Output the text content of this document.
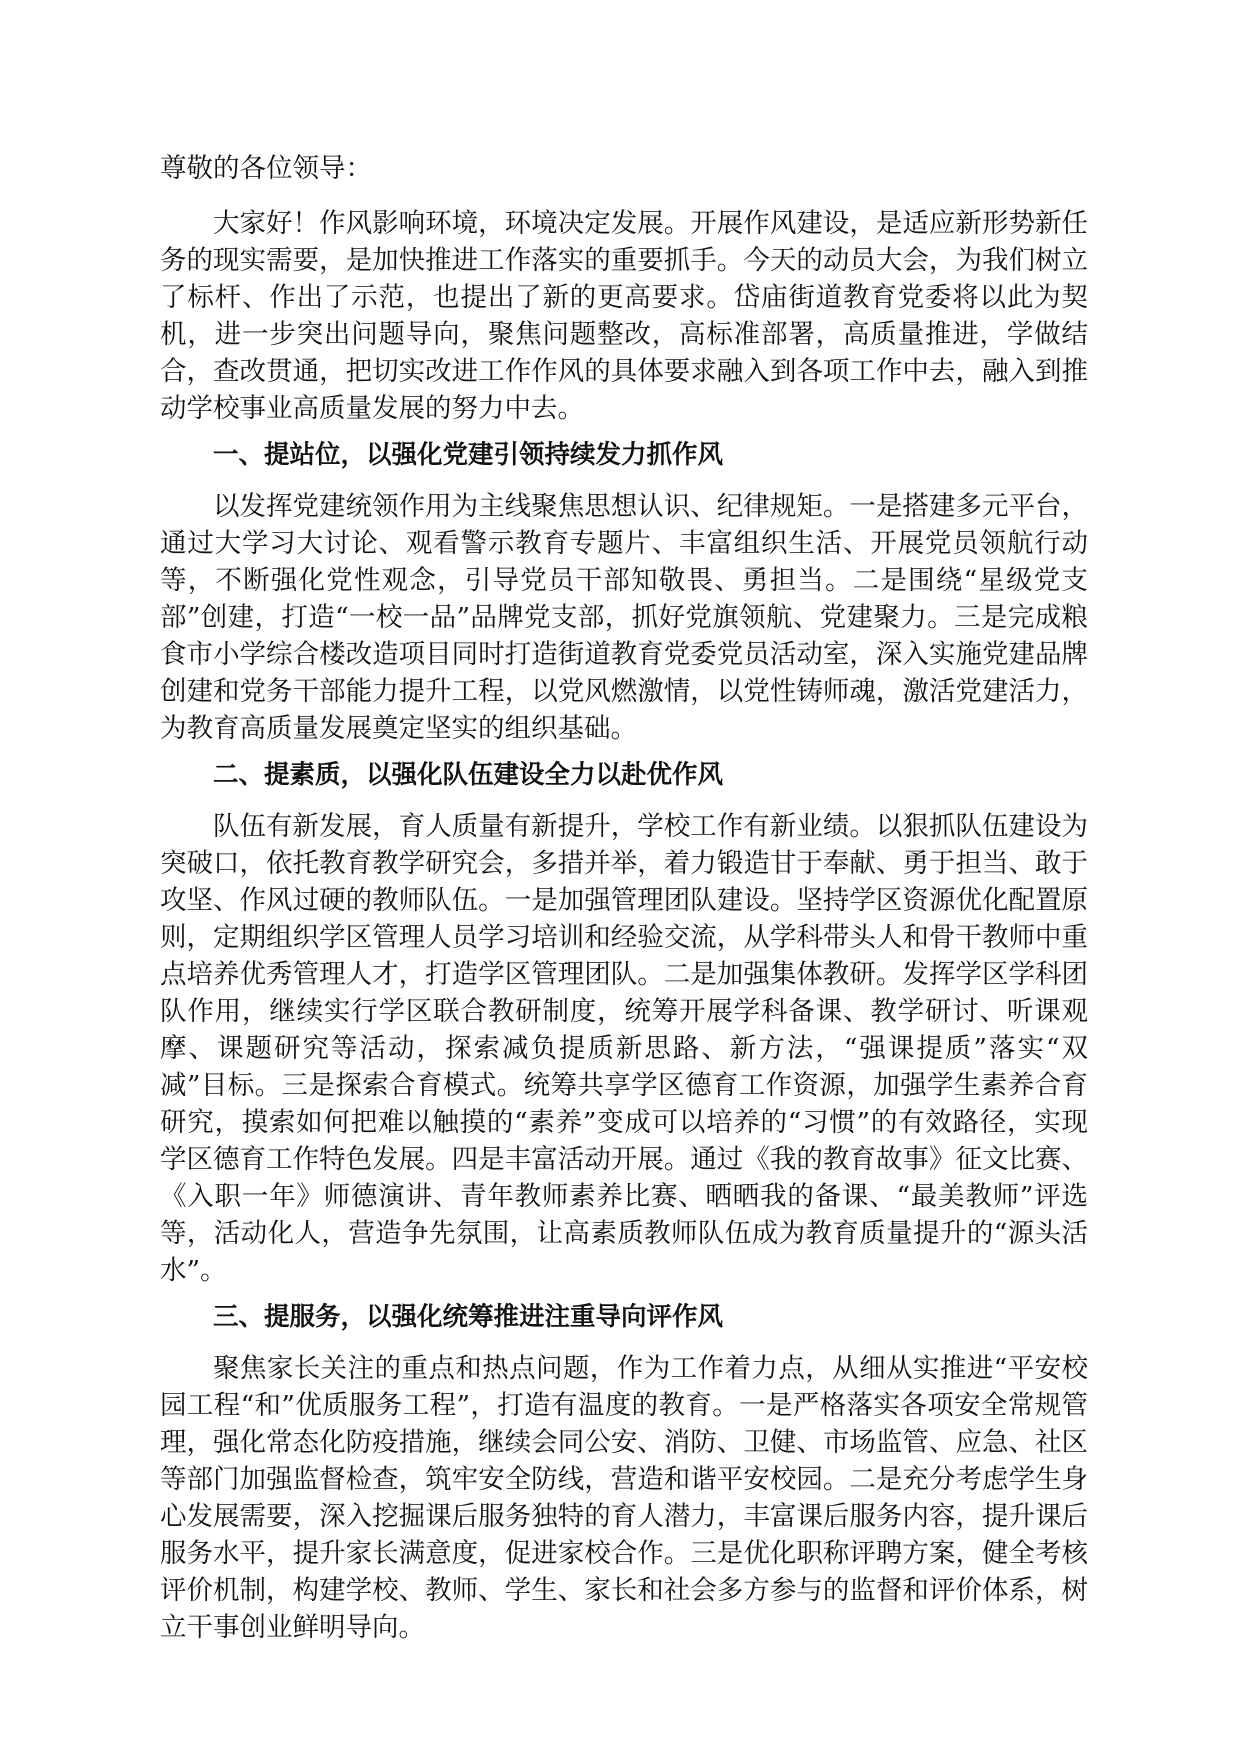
尊敬的各位领导：

大家好！作风影响环境，环境决定发展。开展作风建设，是适应新形势新任务的现实需要，是加快推进工作落实的重要抓手。今天的动员大会，为我们树立了标杆、作出了示范，也提出了新的更高要求。岱庙街道教育党委将以此为契机，进一步突出问题导向，聚焦问题整改，高标准部署，高质量推进，学做结合，查改贯通，把切实改进工作作风的具体要求融入到各项工作中去，融入到推动学校事业高质量发展的努力中去。

一、提站位，以强化党建引领持续发力抓作风

以发挥党建统领作用为主线聚焦思想认识、纪律规矩。一是搭建多元平台，通过大学习大讨论、观看警示教育专题片、丰富组织生活、开展党员领航行动等，不断强化党性观念，引导党员干部知敬畏、勇担当。二是围绕“星级党支部”创建，打造“一校一品”品牌党支部，抓好党旗领航、党建聚力。三是完成粮食市小学综合楼改造项目同时打造街道教育党委党员活动室，深入实施党建品牌创建和党务干部能力提升工程，以党风燃激情，以党性铸师魂，激活党建活力，为教育高质量发展奠定坚实的组织基础。

二、提素质，以强化队伍建设全力以赴优作风

队伍有新发展，育人质量有新提升，学校工作有新业绩。以狠抓队伍建设为突破口，依托教育教学研究会，多措并举，着力锻造甘于奉献、勇于担当、敢于攻坚、作风过硬的教师队伍。一是加强管理团队建设。坚持学区资源优化配置原则，定期组织学区管理人员学习培训和经验交流，从学科带头人和骨干教师中重点培养优秀管理人才，打造学区管理团队。二是加强集体教研。发挥学区学科团队作用，继续实行学区联合教研制度，统筹开展学科备课、教学研讨、听课观摩、课题研究等活动，探索减负提质新思路、新方法，“强课提质”落实“双减”目标。三是探索合育模式。统筹共享学区德育工作资源，加强学生素养合育研究，摸索如何把难以触摸的“素养”变成可以培养的“习惯”的有效路径，实现学区德育工作特色发展。四是丰富活动开展。通过《我的教育故事》征文比赛、《入职一年》师德演讲、青年教师素养比赛、晒晒我的备课、“最美教师”评选等，活动化人，营造争先氛围，让高素质教师队伍成为教育质量提升的“源头活水”。

三、提服务，以强化统筹推进注重导向评作风

聚焦家长关注的重点和热点问题，作为工作着力点，从细从实推进“平安校园工程“和”优质服务工程”，打造有温度的教育。一是严格落实各项安全常规管理，强化常态化防疫措施，继续会同公安、消防、卫健、市场监管、应急、社区等部门加强监督检查，筑牢安全防线，营造和谐平安校园。二是充分考虑学生身心发展需要，深入挖掘课后服务独特的育人潜力，丰富课后服务内容，提升课后服务水平，提升家长满意度，促进家校合作。三是优化职称评聘方案，健全考核评价机制，构建学校、教师、学生、家长和社会多方参与的监督和评价体系，树立干事创业鲜明导向。
